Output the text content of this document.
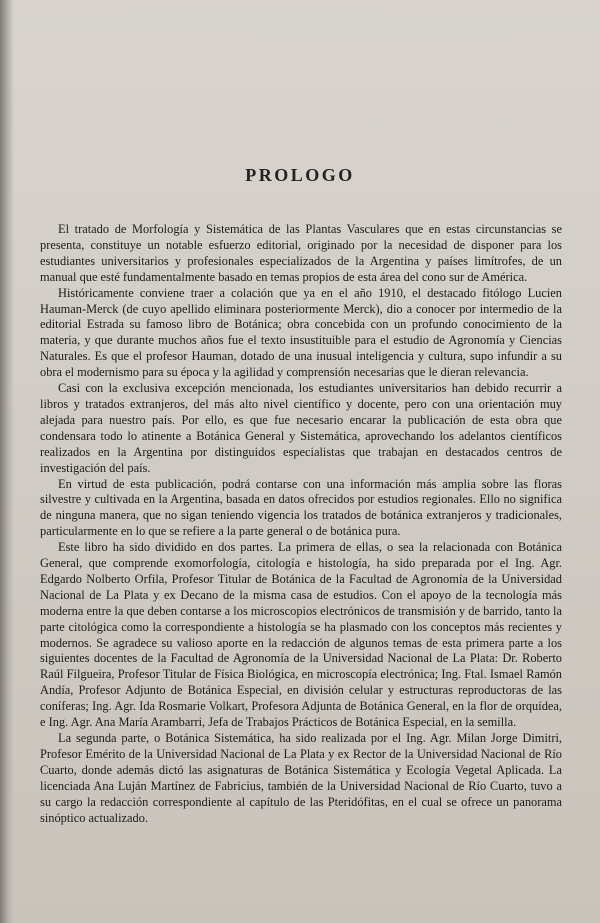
PROLOGO

El tratado de Morfología y Sistemática de las Plantas Vasculares que en estas circunstancias se presenta, constituye un notable esfuerzo editorial, originado por la necesidad de disponer para los estudiantes universitarios y profesionales especializados de la Argentina y países limítrofes, de un manual que esté fundamentalmente basado en temas propios de esta área del cono sur de América.

Históricamente conviene traer a colación que ya en el año 1910, el destacado fitólogo Lucien Hauman-Merck (de cuyo apellido eliminara posteriormente Merck), dio a conocer por intermedio de la editorial Estrada su famoso libro de Botánica; obra concebida con un profundo conocimiento de la materia, y que durante muchos años fue el texto insustituible para el estudio de Agronomía y Ciencias Naturales. Es que el profesor Hauman, dotado de una inusual inteligencia y cultura, supo infundir a su obra el modernismo para su época y la agilidad y comprensión necesarias que le dieran relevancia.

Casi con la exclusiva excepción mencionada, los estudiantes universitarios han debido recurrir a libros y tratados extranjeros, del más alto nivel científico y docente, pero con una orientación muy alejada para nuestro país. Por ello, es que fue necesario encarar la publicación de esta obra que condensara todo lo atinente a Botánica General y Sistemática, aprovechando los adelantos científicos realizados en la Argentina por distinguidos especialistas que trabajan en destacados centros de investigación del país.

En virtud de esta publicación, podrá contarse con una información más amplia sobre las floras silvestre y cultivada en la Argentina, basada en datos ofrecidos por estudios regionales. Ello no significa de ninguna manera, que no sigan teniendo vigencia los tratados de botánica extranjeros y tradicionales, particularmente en lo que se refiere a la parte general o de botánica pura.

Este libro ha sido dividido en dos partes. La primera de ellas, o sea la relacionada con Botánica General, que comprende exomorfología, citología e histología, ha sido preparada por el Ing. Agr. Edgardo Nolberto Orfila, Profesor Titular de Botánica de la Facultad de Agronomía de la Universidad Nacional de La Plata y ex Decano de la misma casa de estudios. Con el apoyo de la tecnología más moderna entre la que deben contarse a los microscopios electrónicos de transmisión y de barrido, tanto la parte citológica como la correspondiente a histología se ha plasmado con los conceptos más recientes y modernos. Se agradece su valioso aporte en la redacción de algunos temas de esta primera parte a los siguientes docentes de la Facultad de Agronomía de la Universidad Nacional de La Plata: Dr. Roberto Raúl Filgueira, Profesor Titular de Física Biológica, en microscopía electrónica; Ing. Ftal. Ismael Ramón Andía, Profesor Adjunto de Botánica Especial, en división celular y estructuras reproductoras de las coníferas; Ing. Agr. Ida Rosmarie Volkart, Profesora Adjunta de Botánica General, en la flor de orquídea, e Ing. Agr. Ana María Arambarri, Jefa de Trabajos Prácticos de Botánica Especial, en la semilla.

La segunda parte, o Botánica Sistemática, ha sido realizada por el Ing. Agr. Milan Jorge Dimitri, Profesor Emérito de la Universidad Nacional de La Plata y ex Rector de la Universidad Nacional de Río Cuarto, donde además dictó las asignaturas de Botánica Sistemática y Ecología Vegetal Aplicada. La licenciada Ana Luján Martínez de Fabricius, también de la Universidad Nacional de Río Cuarto, tuvo a su cargo la redacción correspondiente al capítulo de las Pteridófitas, en el cual se ofrece un panorama sinóptico actualizado.
